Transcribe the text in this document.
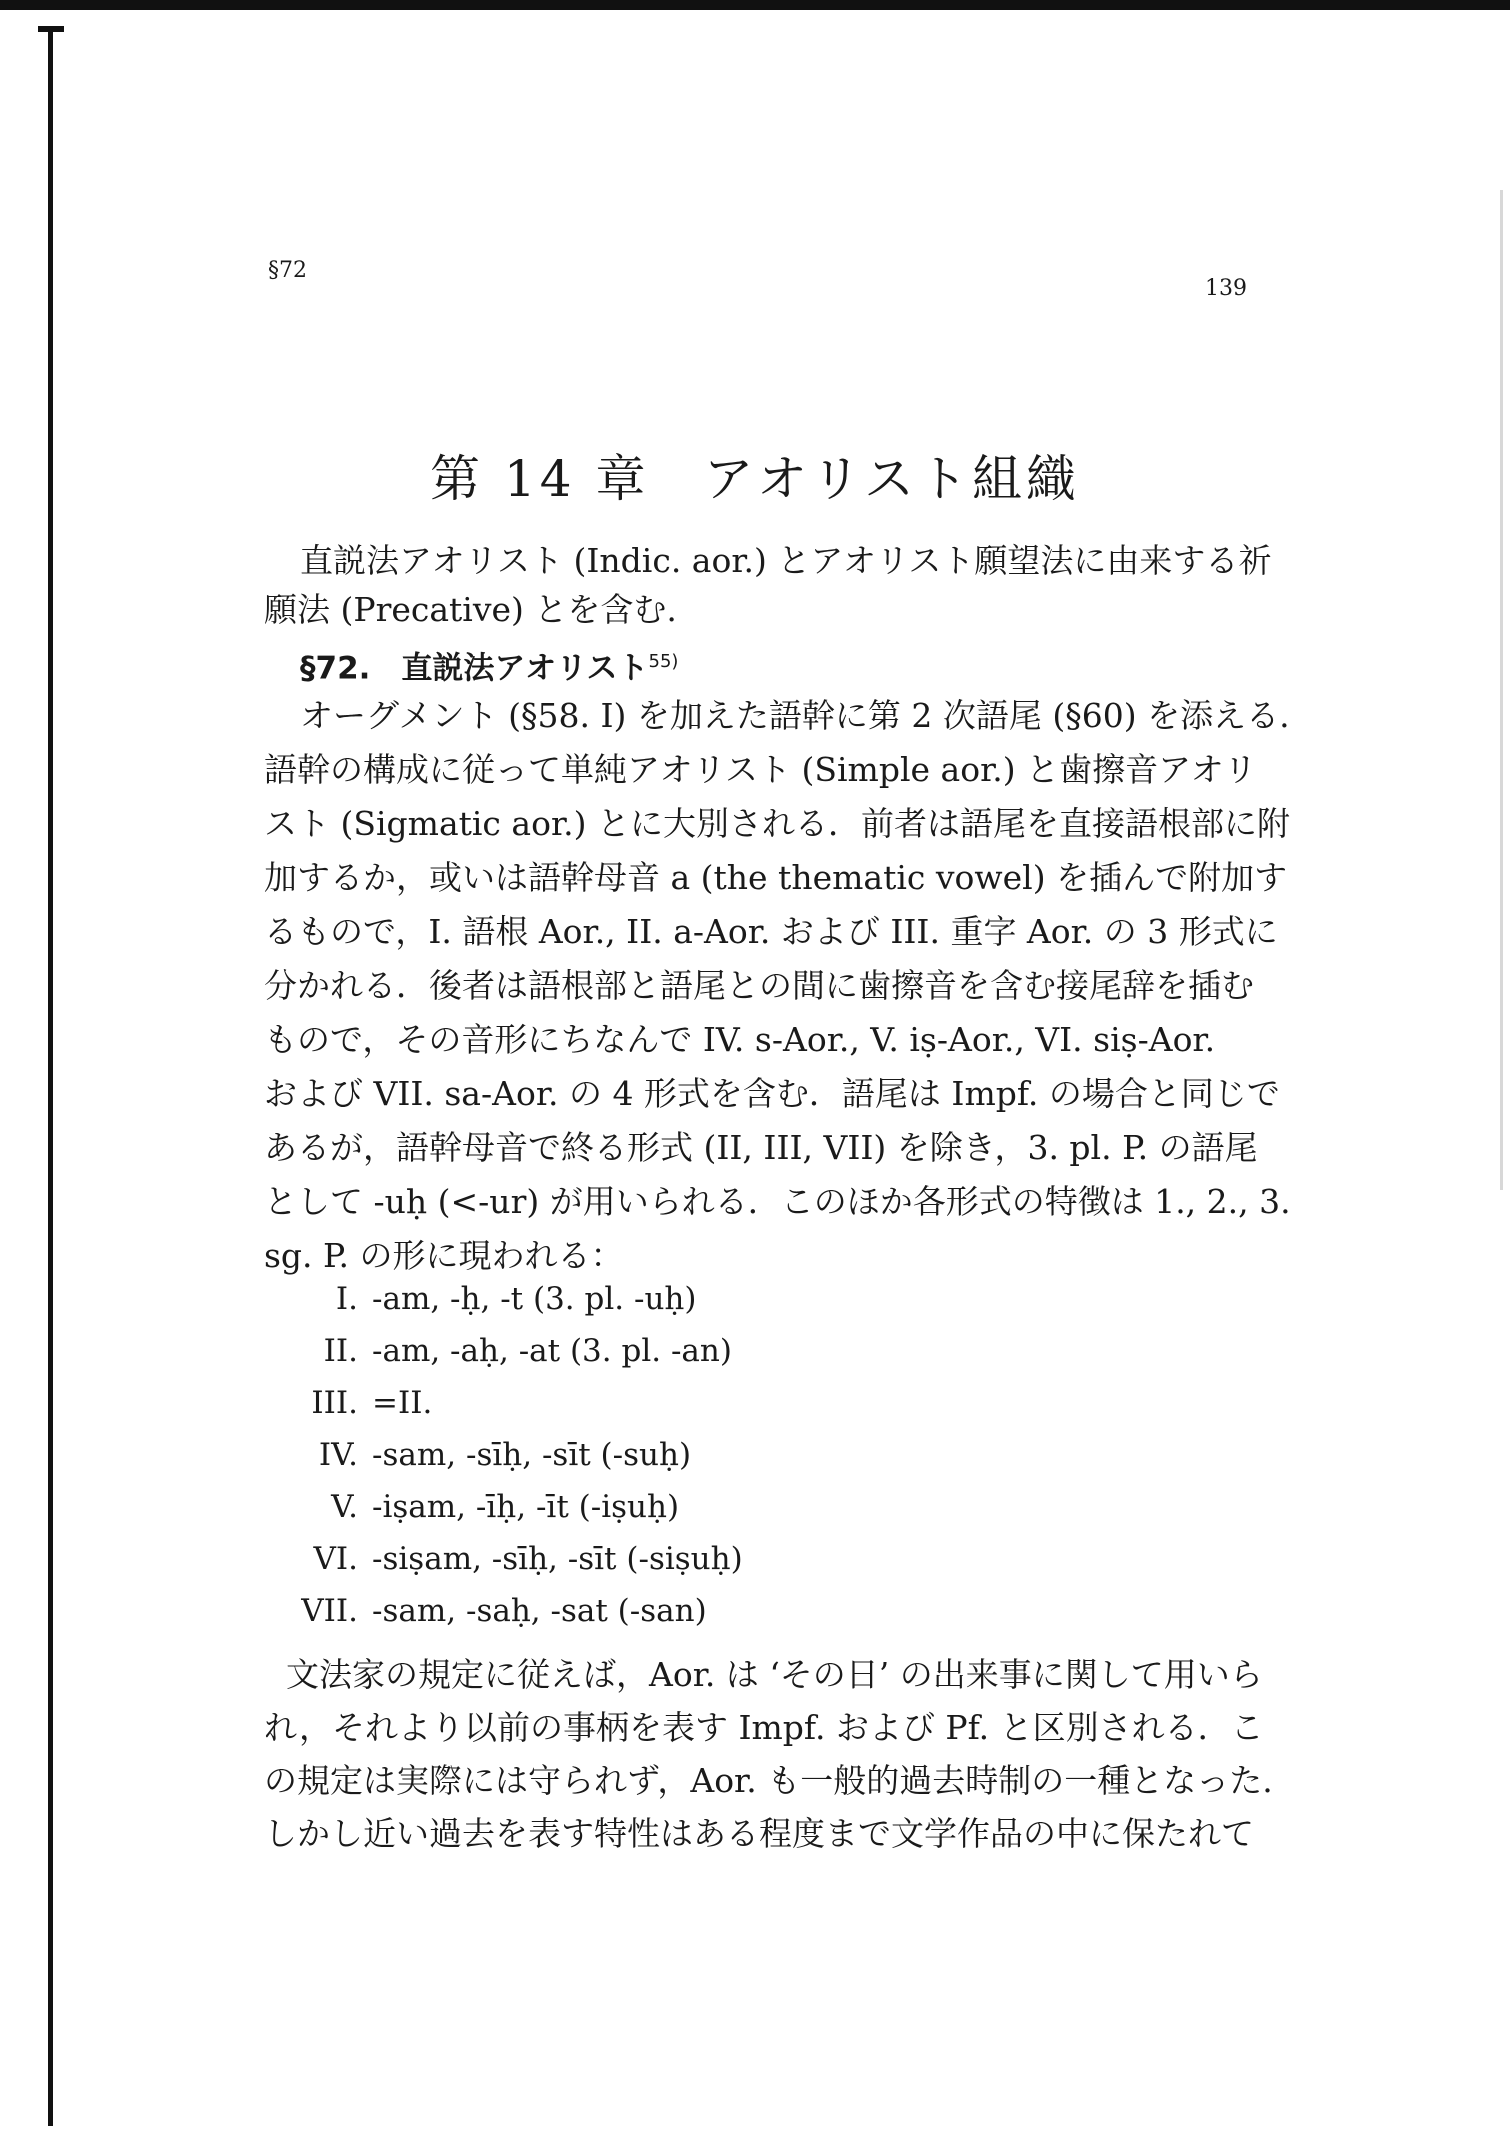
§72
139
第 14 章　アオリスト組織
直説法アオリスト (Indic. aor.) とアオリスト願望法に由来する祈
願法 (Precative) とを含む.
§72.　直説法アオリスト$^{55)}$
オーグメント (§58. I) を加えた語幹に第 2 次語尾 (§60) を添える.
語幹の構成に従って単純アオリスト (Simple aor.) と歯擦音アオリ
スト (Sigmatic aor.) とに大別される．前者は語尾を直接語根部に附
加するか，或いは語幹母音 a (the thematic vowel) を插んで附加す
るもので，I. 語根 Aor., II. a-Aor. および III. 重字 Aor. の 3 形式に
分かれる．後者は語根部と語尾との間に歯擦音を含む接尾辞を插む
もので，その音形にちなんで IV. s-Aor., V. iṣ-Aor., VI. siṣ-Aor.
および VII. sa-Aor. の 4 形式を含む．語尾は Impf. の場合と同じで
あるが，語幹母音で終る形式 (II, III, VII) を除き，3. pl. P. の語尾
として -uḥ (<-ur) が用いられる．このほか各形式の特徴は 1., 2., 3.
sg. P. の形に現われる：
I. -am, -ḥ, -t (3. pl. -uḥ)
II. -am, -aḥ, -at (3. pl. -an)
III. =II.
IV. -sam, -sīḥ, -sīt (-suḥ)
V. -iṣam, -īḥ, -īt (-iṣuḥ)
VI. -siṣam, -sīḥ, -sīt (-siṣuḥ)
VII. -sam, -saḥ, -sat (-san)
文法家の規定に従えば，Aor. は ‘その日’ の出来事に関して用いら
れ，それより以前の事柄を表す Impf. および Pf. と区別される．こ
の規定は実際には守られず，Aor. も一般的過去時制の一種となった.
しかし近い過去を表す特性はある程度まで文学作品の中に保たれて
